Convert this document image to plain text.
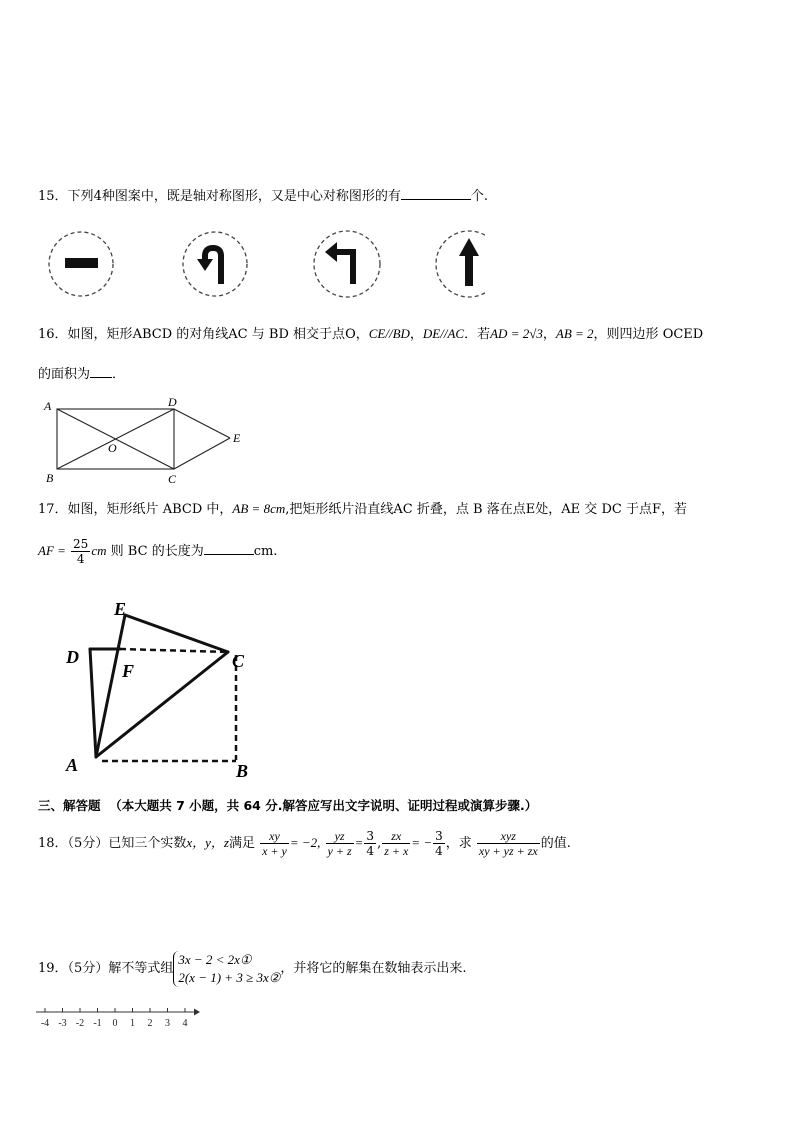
15．下列4种图案中，既是轴对称图形，又是中心对称图形的有	个.
16．如图，矩形ABCD 的对角线AC 与 BD 相交于点O，CE//BD，DE//AC．若AD = 2√3，AB = 2，则四边形 OCED
的面积为 ．
A
B	C
D
O
E
17．如图，矩形纸片 ABCD 中，AB = 8cm,把矩形纸片沿直线AC 折叠，点 B 落在点E处，AE 交 DC 于点F，若
AF = $\frac{25}{4}$ cm 则 BC 的长度为	cm.
E
D
F	C
A	B
三、解答题 （本大题共 7 小题，共 64 分.解答应写出文字说明、证明过程或演算步骤.）
18．（5分）已知三个实数x，y，z满足 $\frac{xy}{x + y} = -2$, $\frac{yz}{y + z} = \frac{3}{4}$ , $\frac{zx}{z + x}$ = − $\frac{3}{4}$ ，求 $\frac{\text{xyz}}{xy + yz + zx}$ 的值.
19．（5分）解不等式组
3x − 2 < 2x①
2(x − 1) + 3 ≥ 3x②
，并将它的解集在数轴表示出来.
-4 -3 -2 -1 0 1 2 3 4
